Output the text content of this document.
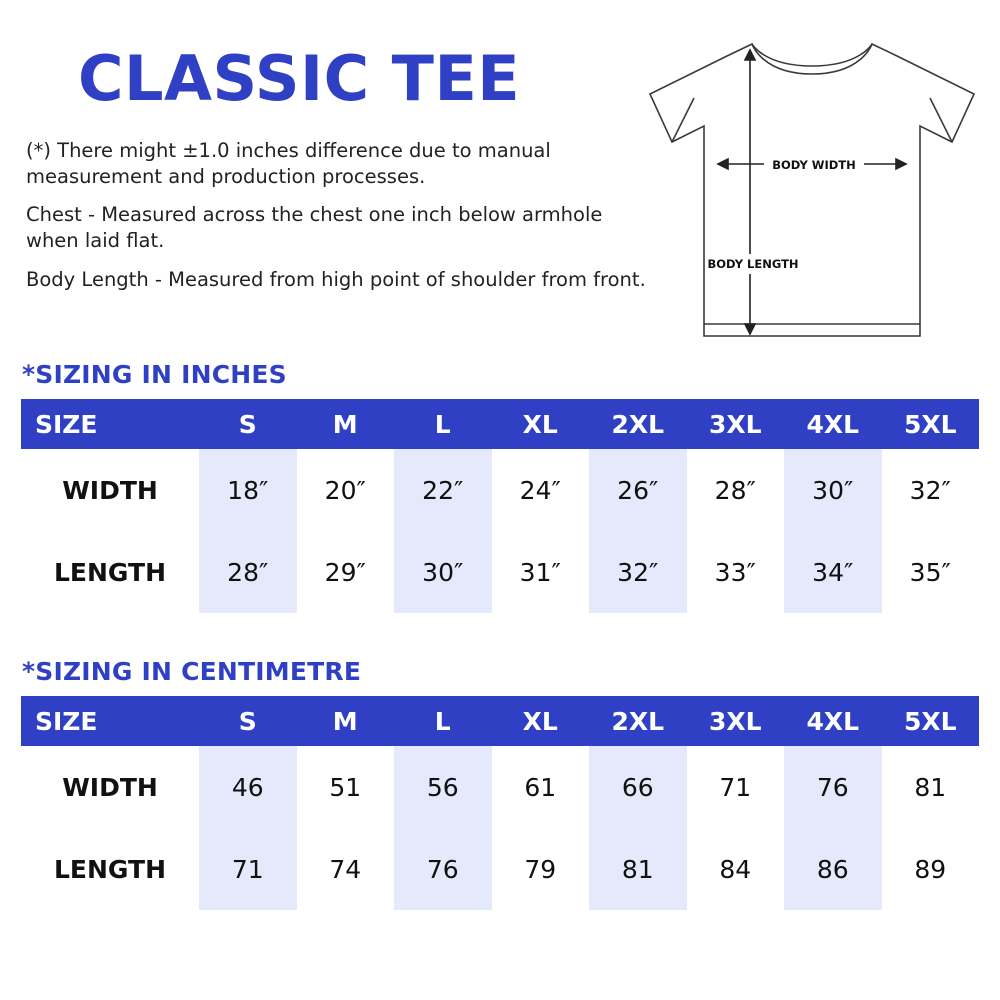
CLASSIC TEE
(*) There might ±1.0 inches difference due to manual measurement and production processes.
Chest - Measured across the chest one inch below armhole when laid flat.
Body Length - Measured from high point of shoulder from front.
BODY WIDTH
BODY LENGTH
*SIZING IN INCHES
SIZE	S	M	L	XL	2XL	3XL	4XL	5XL
WIDTH	18″	20″	22″	24″	26″	28″	30″	32″
LENGTH	28″	29″	30″	31″	32″	33″	34″	35″
*SIZING IN CENTIMETRE
SIZE	S	M	L	XL	2XL	3XL	4XL	5XL
WIDTH	46	51	56	61	66	71	76	81
LENGTH	71	74	76	79	81	84	86	89
